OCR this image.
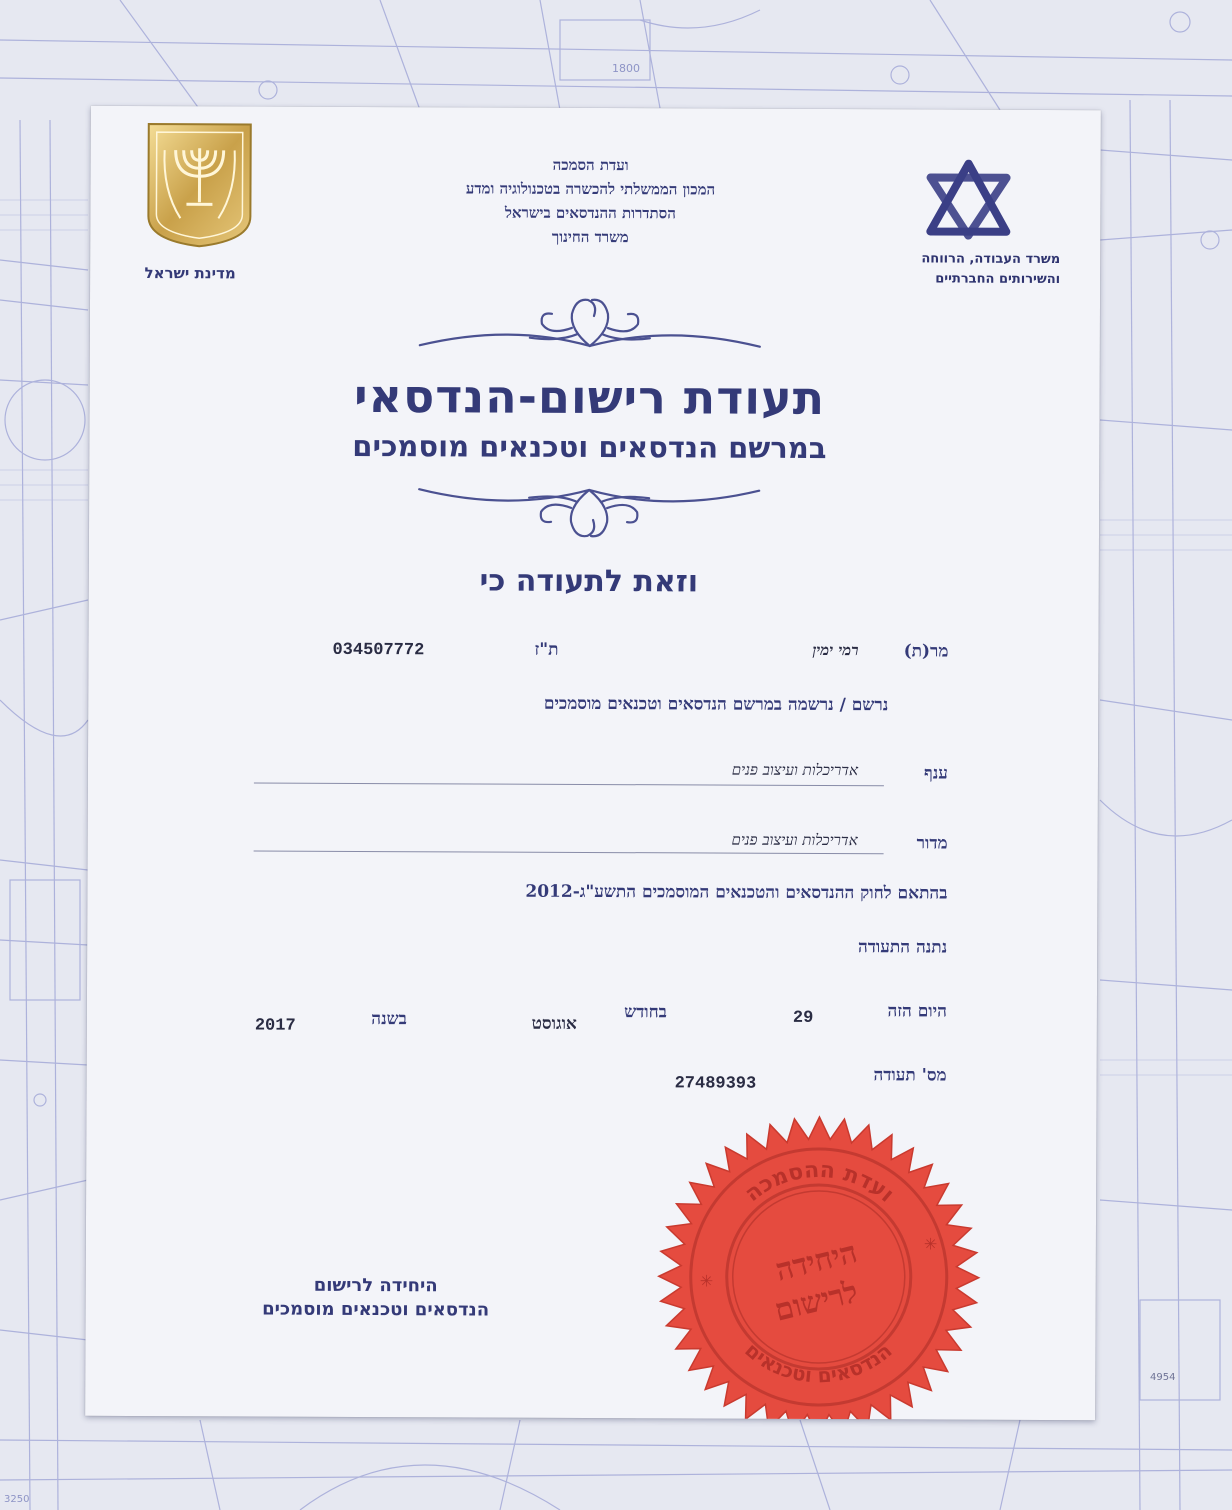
1800
4954
3250
מדינת ישראל
ועדת הסמכה
המכון הממשלתי להכשרה בטכנולוגיה ומדע
הסתדרות ההנדסאים בישראל
משרד החינוך
משרד העבודה, הרווחה
והשירותים החברתיים
תעודת רישום-הנדסאי
במרשם הנדסאים וטכנאים מוסמכים
וזאת לתעודה כי
מר(ת)
רמי ימין
ת"ז
034507772
נרשם / נרשמה במרשם הנדסאים וטכנאים מוסמכים
ענף
אדריכלות ועיצוב פנים
מדור
אדריכלות ועיצוב פנים
בהתאם לחוק ההנדסאים והטכנאים המוסמכים התשע"ג-2012
נתנה התעודה
היום הזה
29
בחודש
אוגוסט
בשנה
2017
מס' תעודה
27489393
היחידה לרישום
הנדסאים וטכנאים מוסמכים
ועדת ההסמכה
הנדסאים וטכנאים
היחידה
לרישום
✳
✳
